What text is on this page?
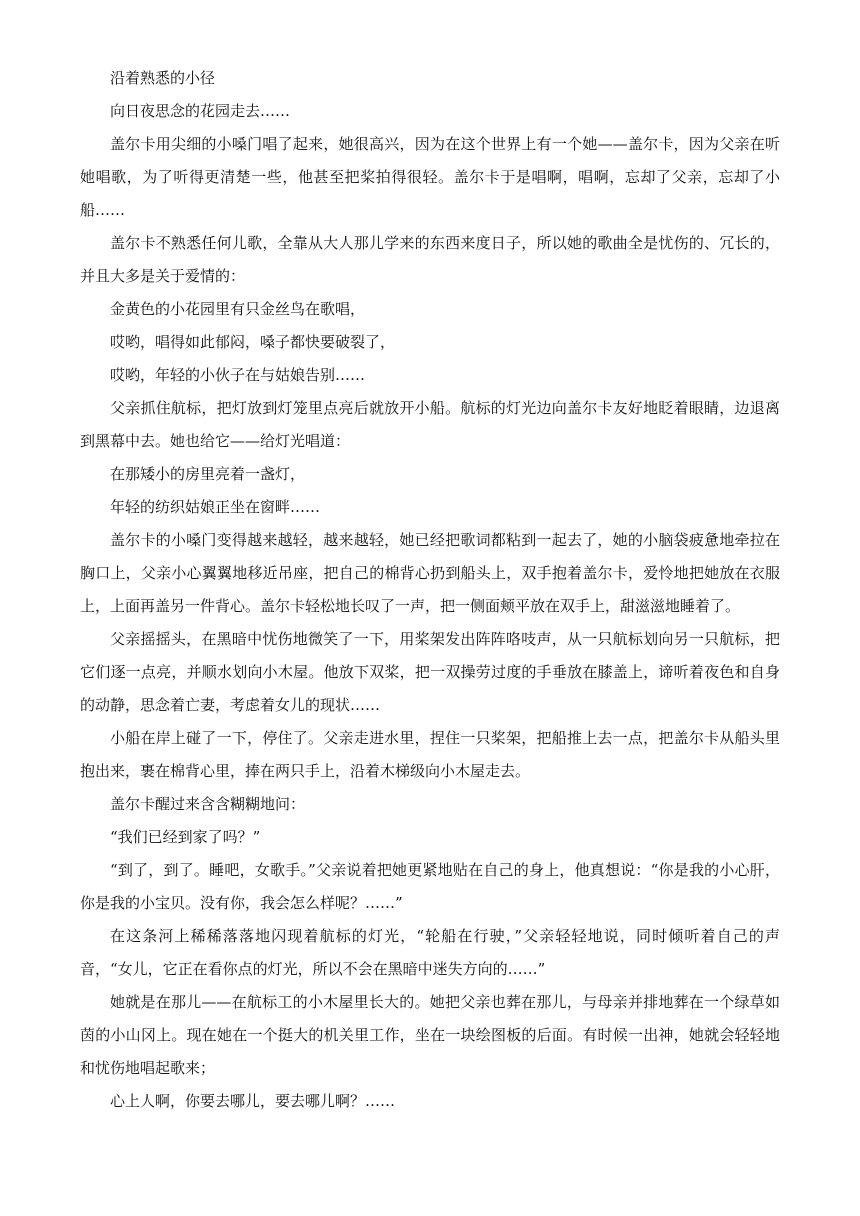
沿着熟悉的小径

向日夜思念的花园走去……

盖尔卡用尖细的小嗓门唱了起来，她很高兴，因为在这个世界上有一个她——盖尔卡，因为父亲在听她唱歌，为了听得更清楚一些，他甚至把桨拍得很轻。盖尔卡于是唱啊，唱啊，忘却了父亲，忘却了小船……

盖尔卡不熟悉任何儿歌，全靠从大人那儿学来的东西来度日子，所以她的歌曲全是忧伤的、冗长的，并且大多是关于爱情的：

金黄色的小花园里有只金丝鸟在歌唱，

哎哟，唱得如此郁闷，嗓子都快要破裂了，

哎哟，年轻的小伙子在与姑娘告别……

父亲抓住航标，把灯放到灯笼里点亮后就放开小船。航标的灯光边向盖尔卡友好地眨着眼睛，边退离到黑幕中去。她也给它——给灯光唱道：

在那矮小的房里亮着一盏灯，

年轻的纺织姑娘正坐在窗畔……

盖尔卡的小嗓门变得越来越轻，越来越轻，她已经把歌词都粘到一起去了，她的小脑袋疲惫地牵拉在胸口上，父亲小心翼翼地移近吊座，把自己的棉背心扔到船头上，双手抱着盖尔卡，爱怜地把她放在衣服上，上面再盖另一件背心。盖尔卡轻松地长叹了一声，把一侧面颊平放在双手上，甜滋滋地睡着了。

父亲摇摇头，在黑暗中忧伤地微笑了一下，用桨架发出阵阵咯吱声，从一只航标划向另一只航标，把它们逐一点亮，并顺水划向小木屋。他放下双桨，把一双操劳过度的手垂放在膝盖上，谛听着夜色和自身的动静，思念着亡妻，考虑着女儿的现状……

小船在岸上碰了一下，停住了。父亲走进水里，捏住一只桨架，把船推上去一点，把盖尔卡从船头里抱出来，裹在棉背心里，捧在两只手上，沿着木梯级向小木屋走去。

盖尔卡醒过来含含糊糊地问：

“我们已经到家了吗？”

“到了，到了。睡吧，女歌手。”父亲说着把她更紧地贴在自己的身上，他真想说：“你是我的小心肝，你是我的小宝贝。没有你，我会怎么样呢？……”

在这条河上稀稀落落地闪现着航标的灯光，“轮船在行驶，”父亲轻轻地说，同时倾听着自己的声音，“女儿，它正在看你点的灯光，所以不会在黑暗中迷失方向的……”

她就是在那儿——在航标工的小木屋里长大的。她把父亲也葬在那儿，与母亲并排地葬在一个绿草如茵的小山冈上。现在她在一个挺大的机关里工作，坐在一块绘图板的后面。有时候一出神，她就会轻轻地和忧伤地唱起歌来；

心上人啊，你要去哪儿，要去哪儿啊？……
